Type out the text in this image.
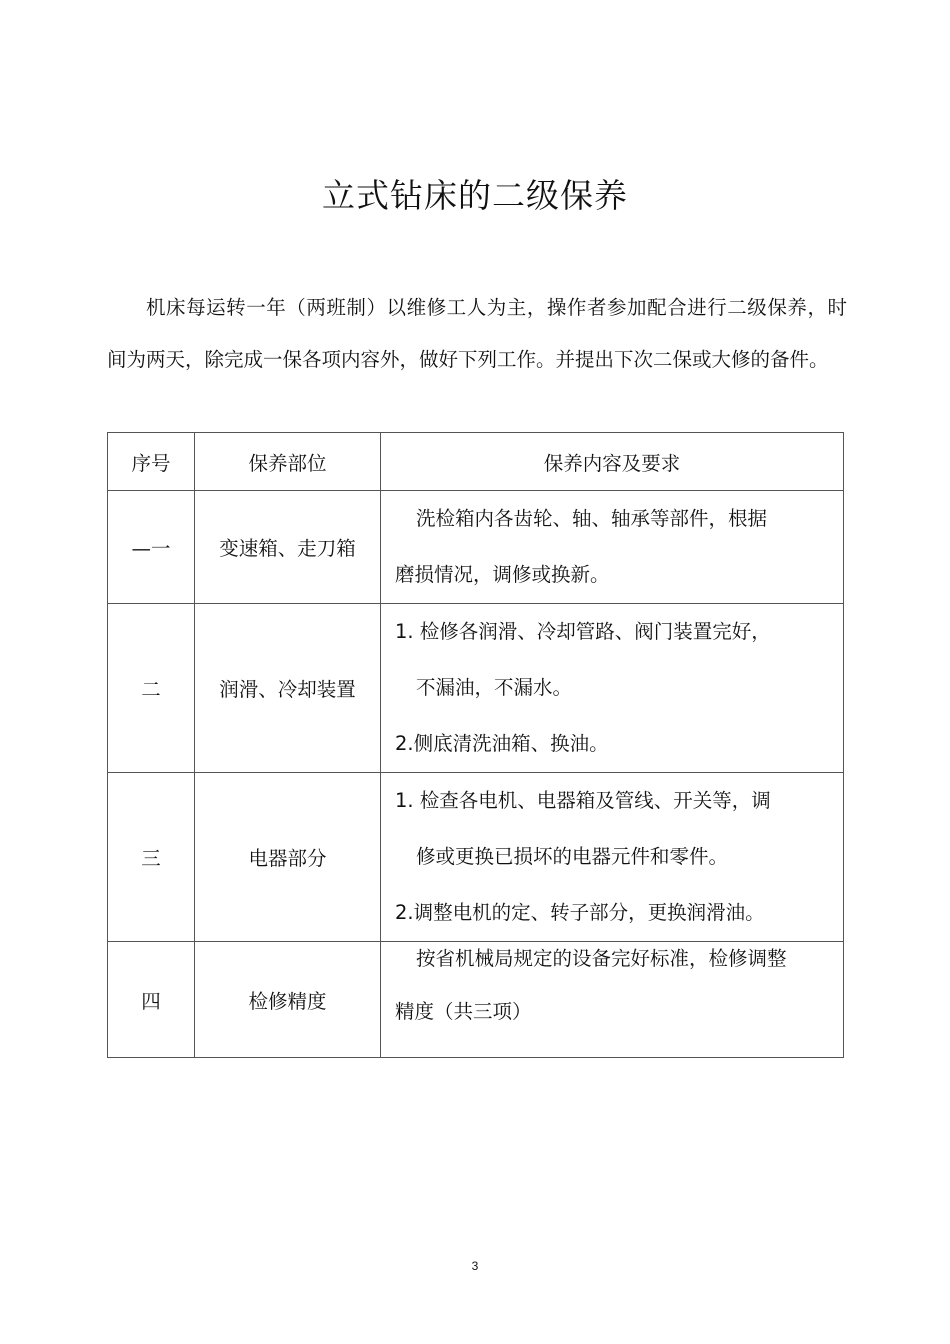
立式钻床的二级保养

机床每运转一年（两班制）以维修工人为主，操作者参加配合进行二级保养，时间为两天，除完成一保各项内容外，做好下列工作。并提出下次二保或大修的备件。

序号	保养部位	保养内容及要求
—一	变速箱、走刀箱	洗检箱内各齿轮、轴、轴承等部件，根据
磨损情况，调修或换新。

二	润滑、冷却装置	1. 检修各润滑、冷却管路、阀门装置完好，
不漏油，不漏水。
2.侧底清洗油箱、换油。

三	电器部分	1. 检查各电机、电器箱及管线、开关等，调
修或更换已损坏的电器元件和零件。
2.调整电机的定、转子部分，更换润滑油。

四	检修精度	按省机械局规定的设备完好标准，检修调整
精度（共三项）
3
